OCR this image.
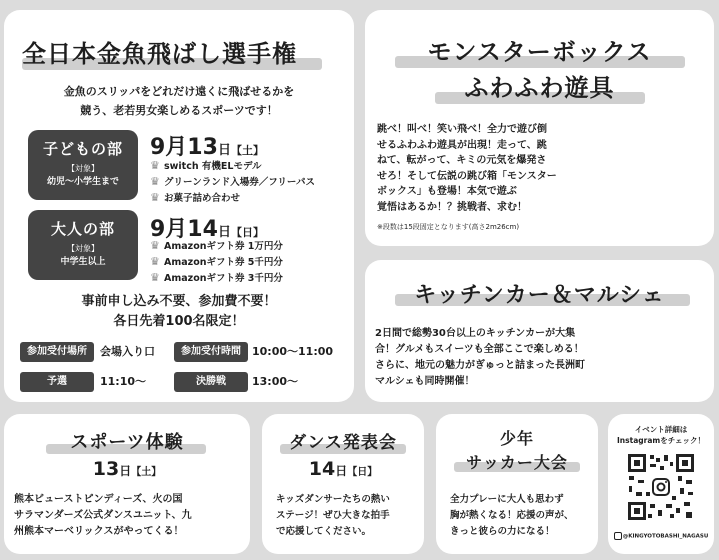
全日本金魚飛ばし選手権
金魚のスリッパをどれだけ遠くに飛ばせるかを
競う、老若男女楽しめるスポーツです！
子どもの部
【対象】
幼児～小学生まで
9月13日【土】
♛ switch 有機ELモデル
♛ グリーンランド入場券／フリーパス
♛ お菓子詰め合わせ
大人の部
【対象】
中学生以上
9月14日【日】
♛ Amazonギフト券 1万円分
♛ Amazonギフト券 5千円分
♛ Amazonギフト券 3千円分
事前申し込み不要、参加費不要！
各日先着100名限定！
参加受付場所	会場入り口	参加受付時間	10:00～11:00
予選	11:10～	決勝戦	13:00～
モンスターボックス
ふわふわ遊具
跳べ！叫べ！笑い飛べ！全力で遊び倒
せるふわふわ遊具が出現！走って、跳
ねて、転がって、キミの元気を爆発さ
せろ！そして伝説の跳び箱「モンスター
ボックス」も登場！本気で遊ぶ
覚悟はあるか！？挑戦者、求む！
※段数は15段固定となります(高さ2m26cm)
キッチンカー＆マルシェ
2日間で総勢30台以上のキッチンカーが大集
合！グルメもスイーツも全部ここで楽しめる！
さらに、地元の魅力がぎゅっと詰まった長洲町
マルシェも同時開催！
スポーツ体験
13日【土】
熊本ビューストピンディーズ、火の国
サラマンダーズ公式ダンスユニット、九
州熊本マーベリックスがやってくる！
ダンス発表会
14日【日】
キッズダンサーたちの熱い
ステージ！ぜひ大きな拍手
で応援してください。
少年
サッカー大会
全力プレーに大人も思わず
胸が熱くなる！応援の声が、
きっと彼らの力になる！
イベント詳細は
Instagramをチェック！
@KINGYOTOBASHI_NAGASU
